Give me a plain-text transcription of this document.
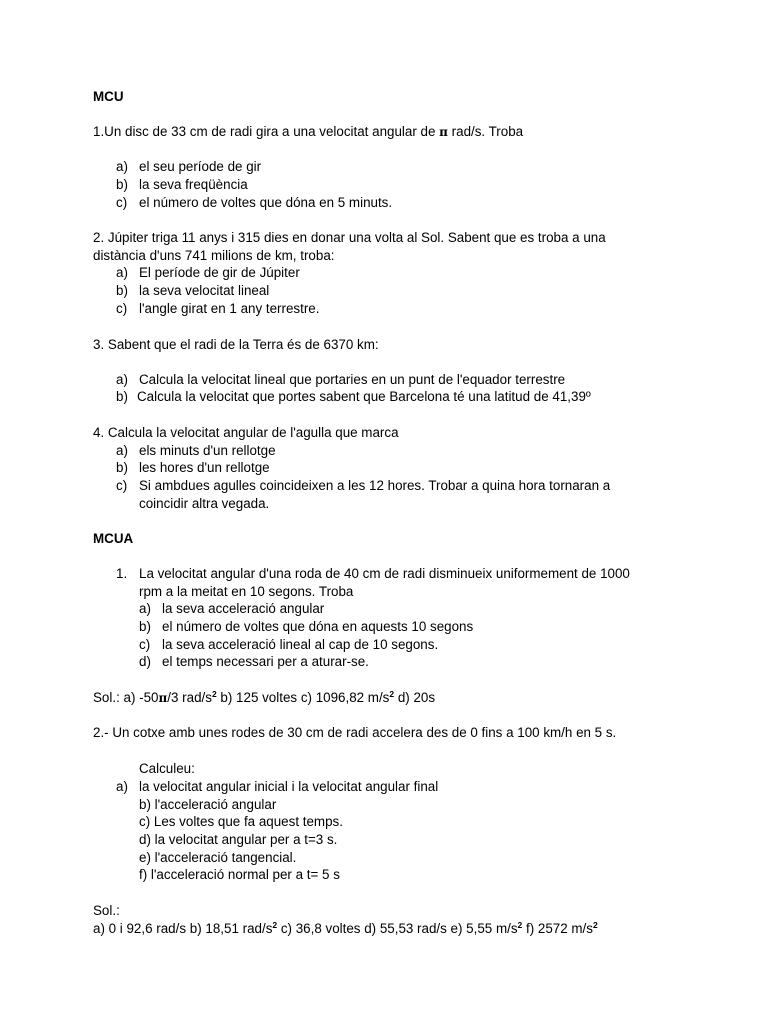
MCU
1.Un disc de 33 cm de radi gira a una velocitat angular de π rad/s. Troba
a) el seu període de gir
b) la seva freqüència
c) el número de voltes que dóna en 5 minuts.
2. Júpiter triga 11 anys i 315 dies en donar una volta al Sol. Sabent que es troba a una
distància d'uns 741 milions de km, troba:
a) El període de gir de Júpiter
b) la seva velocitat lineal
c) l'angle girat en 1 any terrestre.
3. Sabent que el radi de la Terra és de 6370 km:
a) Calcula la velocitat lineal que portaries en un punt de l'equador terrestre
b) Calcula la velocitat que portes sabent que Barcelona té una latitud de 41,39º
4. Calcula la velocitat angular de l'agulla que marca
a) els minuts d'un rellotge
b) les hores d'un rellotge
c) Si ambdues agulles coincideixen a les 12 hores. Trobar a quina hora tornaran a
coincidir altra vegada.
MCUA
1. La velocitat angular d'una roda de 40 cm de radi disminueix uniformement de 1000
rpm a la meitat en 10 segons. Troba
a) la seva acceleració angular
b) el número de voltes que dóna en aquests 10 segons
c) la seva acceleració lineal al cap de 10 segons.
d) el temps necessari per a aturar-se.
Sol.: a) -50π/3 rad/$s^2$ b) 125 voltes c) 1096,82 $m/s^2$ d) 20s
2.- Un cotxe amb unes rodes de 30 cm de radi accelera des de 0 fins a 100 km/h en 5 s.
Calculeu:
a) la velocitat angular inicial i la velocitat angular final
b) l'acceleració angular
c) Les voltes que fa aquest temps.
d) la velocitat angular per a t=3 s.
e) l'acceleració tangencial.
f) l'acceleració normal per a t= 5 s
Sol.:
a) 0 i 92,6 rad/s b) 18,51 rad/$s^2$ c) 36,8 voltes d) 55,53 rad/s e) 5,55 $m/s^2$ f) 2572 $m/s^2$
